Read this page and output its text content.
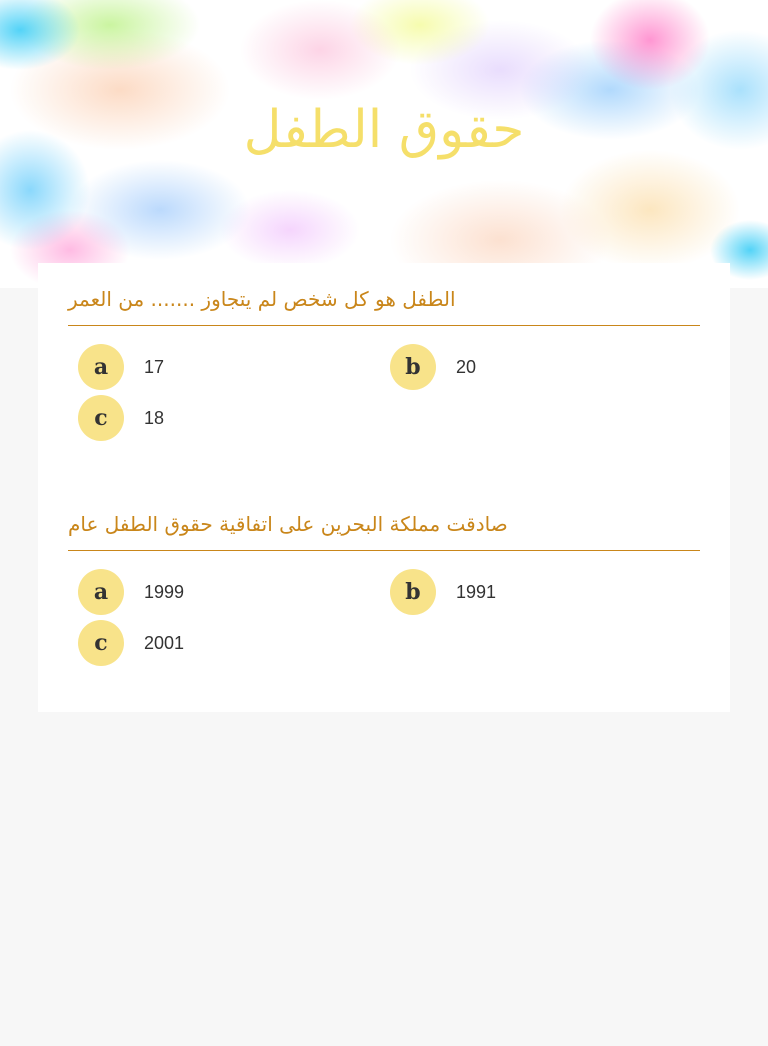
حقوق الطفل
الطفل هو كل شخص لم يتجاوز ....... من العمر
a	17	b	20
c	18
صادقت مملكة البحرين على اتفاقية حقوق الطفل عام
a	1999	b	1991
c	2001
